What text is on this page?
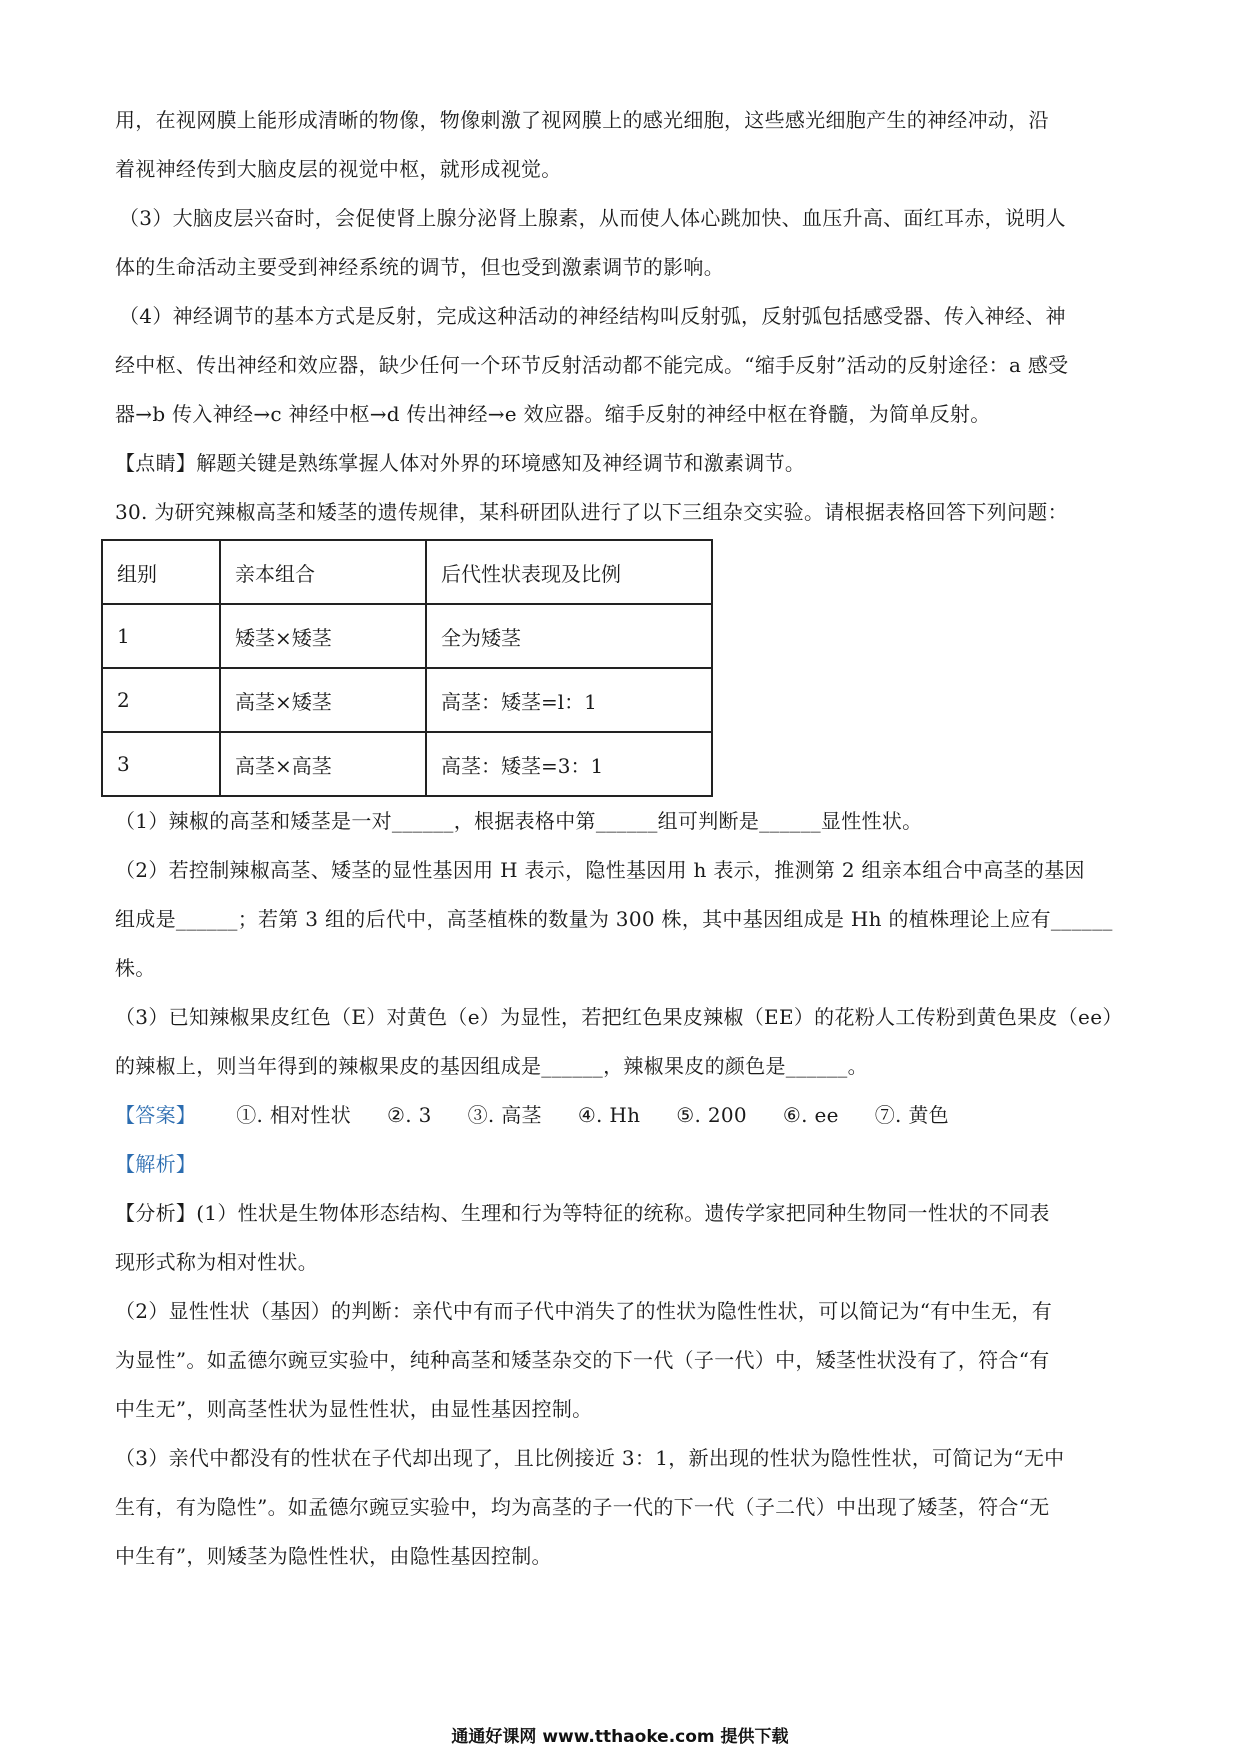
用，在视网膜上能形成清晰的物像，物像刺激了视网膜上的感光细胞，这些感光细胞产生的神经冲动，沿

着视神经传到大脑皮层的视觉中枢，就形成视觉。

（3）大脑皮层兴奋时，会促使肾上腺分泌肾上腺素，从而使人体心跳加快、血压升高、面红耳赤，说明人

体的生命活动主要受到神经系统的调节，但也受到激素调节的影响。

（4）神经调节的基本方式是反射，完成这种活动的神经结构叫反射弧，反射弧包括感受器、传入神经、神

经中枢、传出神经和效应器，缺少任何一个环节反射活动都不能完成。“缩手反射”活动的反射途径：a 感受

器→b 传入神经→c 神经中枢→d 传出神经→e 效应器。缩手反射的神经中枢在脊髓，为简单反射。

【点睛】解题关键是熟练掌握人体对外界的环境感知及神经调节和激素调节。

30. 为研究辣椒高茎和矮茎的遗传规律，某科研团队进行了以下三组杂交实验。请根据表格回答下列问题：

组别	亲本组合	后代性状表现及比例
1	矮茎×矮茎	全为矮茎
2	高茎×矮茎	高茎：矮茎=l：1
3	高茎×高茎	高茎：矮茎=3：1

（1）辣椒的高茎和矮茎是一对______，根据表格中第______组可判断是______显性性状。

（2）若控制辣椒高茎、矮茎的显性基因用 H 表示，隐性基因用 h 表示，推测第 2 组亲本组合中高茎的基因

组成是______；若第 3 组的后代中，高茎植株的数量为 300 株，其中基因组成是 Hh 的植株理论上应有______

株。

（3）已知辣椒果皮红色（E）对黄色（e）为显性，若把红色果皮辣椒（EE）的花粉人工传粉到黄色果皮（ee）

的辣椒上，则当年得到的辣椒果皮的基因组成是______，辣椒果皮的颜色是______。

【答案】 ①. 相对性状 ②. 3 ③. 高茎 ④. Hh ⑤. 200 ⑥. ee ⑦. 黄色

【解析】

【分析】(1）性状是生物体形态结构、生理和行为等特征的统称。遗传学家把同种生物同一性状的不同表

现形式称为相对性状。

（2）显性性状（基因）的判断：亲代中有而子代中消失了的性状为隐性性状，可以简记为“有中生无，有

为显性”。如孟德尔豌豆实验中，纯种高茎和矮茎杂交的下一代（子一代）中，矮茎性状没有了，符合“有

中生无”，则高茎性状为显性性状，由显性基因控制。

（3）亲代中都没有的性状在子代却出现了，且比例接近 3：1，新出现的性状为隐性性状，可简记为“无中

生有，有为隐性”。如孟德尔豌豆实验中，均为高茎的子一代的下一代（子二代）中出现了矮茎，符合“无

中生有”，则矮茎为隐性性状，由隐性基因控制。

通通好课网 www.tthaoke.com 提供下载
